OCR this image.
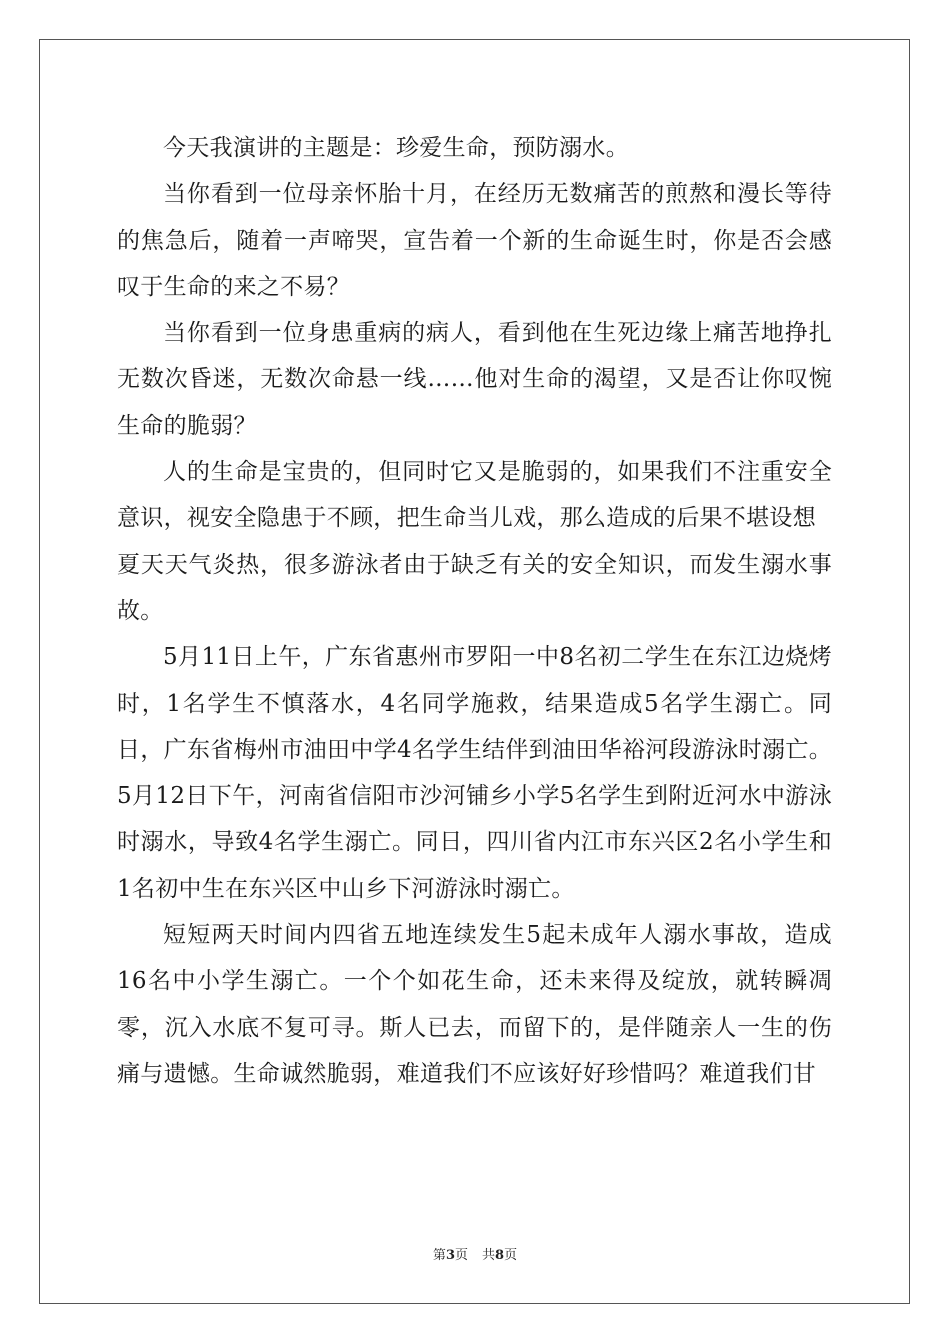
今天我演讲的主题是：珍爱生命，预防溺水。

当你看到一位母亲怀胎十月，在经历无数痛苦的煎熬和漫长等待的焦急后，随着一声啼哭，宣告着一个新的生命诞生时，你是否会感叹于生命的来之不易？

当你看到一位身患重病的病人，看到他在生死边缘上痛苦地挣扎无数次昏迷，无数次命悬一线……他对生命的渴望，又是否让你叹惋生命的脆弱？

人的生命是宝贵的，但同时它又是脆弱的，如果我们不注重安全意识，视安全隐患于不顾，把生命当儿戏，那么造成的后果不堪设想
夏天天气炎热，很多游泳者由于缺乏有关的安全知识，而发生溺水事故。

5月11日上午，广东省惠州市罗阳一中8名初二学生在东江边烧烤时，1名学生不慎落水，4名同学施救，结果造成5名学生溺亡。同日，广东省梅州市油田中学4名学生结伴到油田华裕河段游泳时溺亡。5月12日下午，河南省信阳市沙河铺乡小学5名学生到附近河水中游泳时溺水，导致4名学生溺亡。同日，四川省内江市东兴区2名小学生和1名初中生在东兴区中山乡下河游泳时溺亡。

短短两天时间内四省五地连续发生5起未成年人溺水事故，造成16名中小学生溺亡。一个个如花生命，还未来得及绽放，就转瞬凋零，沉入水底不复可寻。斯人已去，而留下的，是伴随亲人一生的伤痛与遗憾。生命诚然脆弱，难道我们不应该好好珍惜吗？难道我们甘

第3页 共8页
